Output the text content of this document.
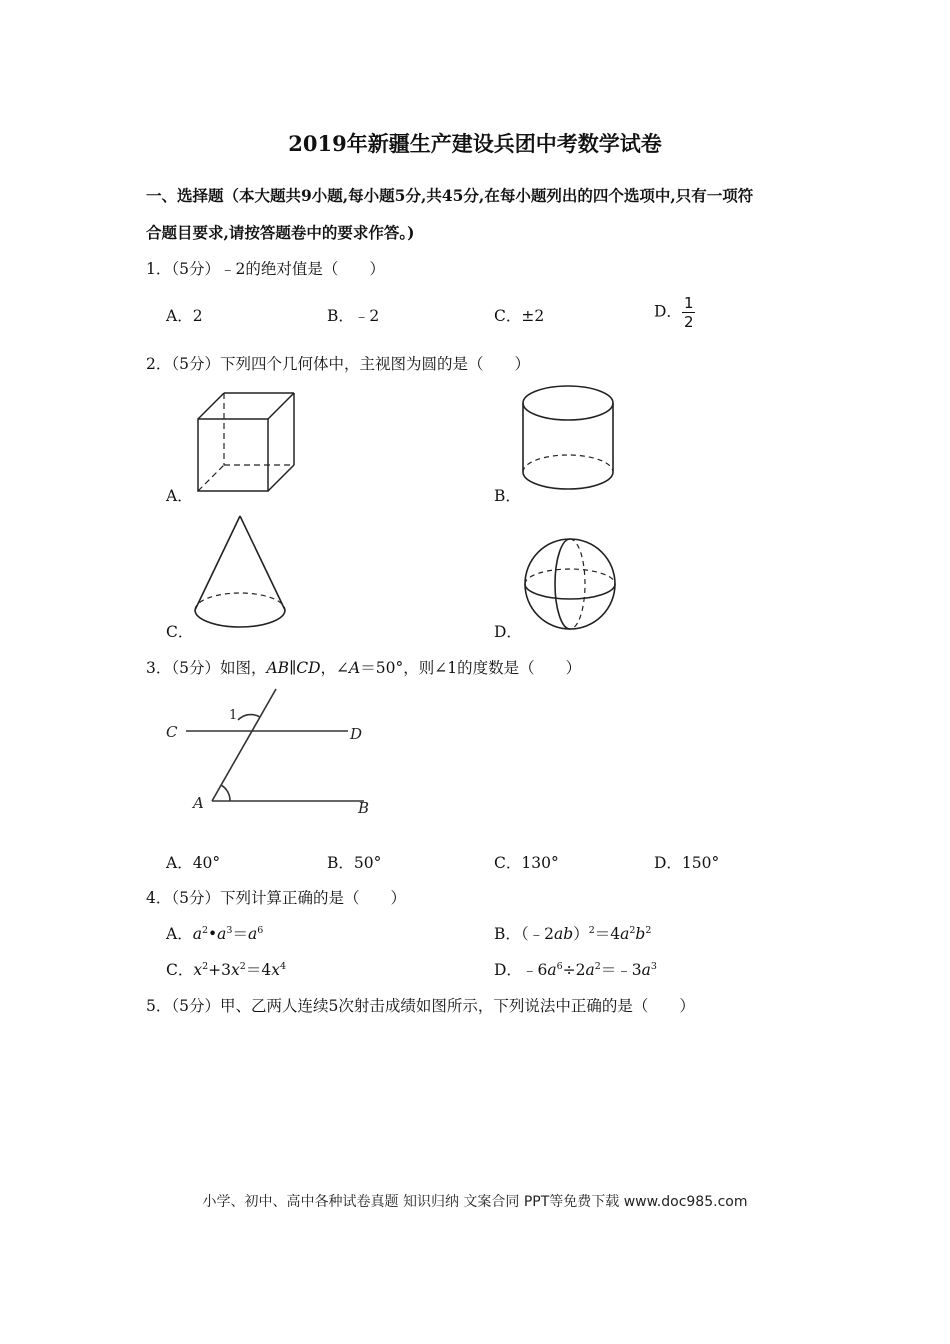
2019年新疆生产建设兵团中考数学试卷
一、选择题（本大题共9小题,每小题5分,共45分,在每小题列出的四个选项中,只有一项符
合题目要求,请按答题卷中的要求作答。)
1．（5分）﹣2的绝对值是（　　）
A．2	B．﹣2	C．±2	D． $\frac{1}{2}$
2．（5分）下列四个几何体中，主视图为圆的是（　　）
A．	B．
C．	D．
3．（5分）如图，AB∥CD，∠A＝50°，则∠1的度数是（　　）
C	D
A	B
1
A．40°	B．50°	C．130°	D．150°
4．（5分）下列计算正确的是（　　）
A．$a^2•a^3=a^6$	B．$(﹣2ab)^2=4a^2b^2$
C．$x^2+3x^2=4x^4$	D．$﹣6a^6\div 2a^2=﹣3a^3$
5．（5分）甲、乙两人连续5次射击成绩如图所示，下列说法中正确的是（　　）
小学、初中、高中各种试卷真题 知识归纳 文案合同 PPT等免费下载 www.doc985.com
